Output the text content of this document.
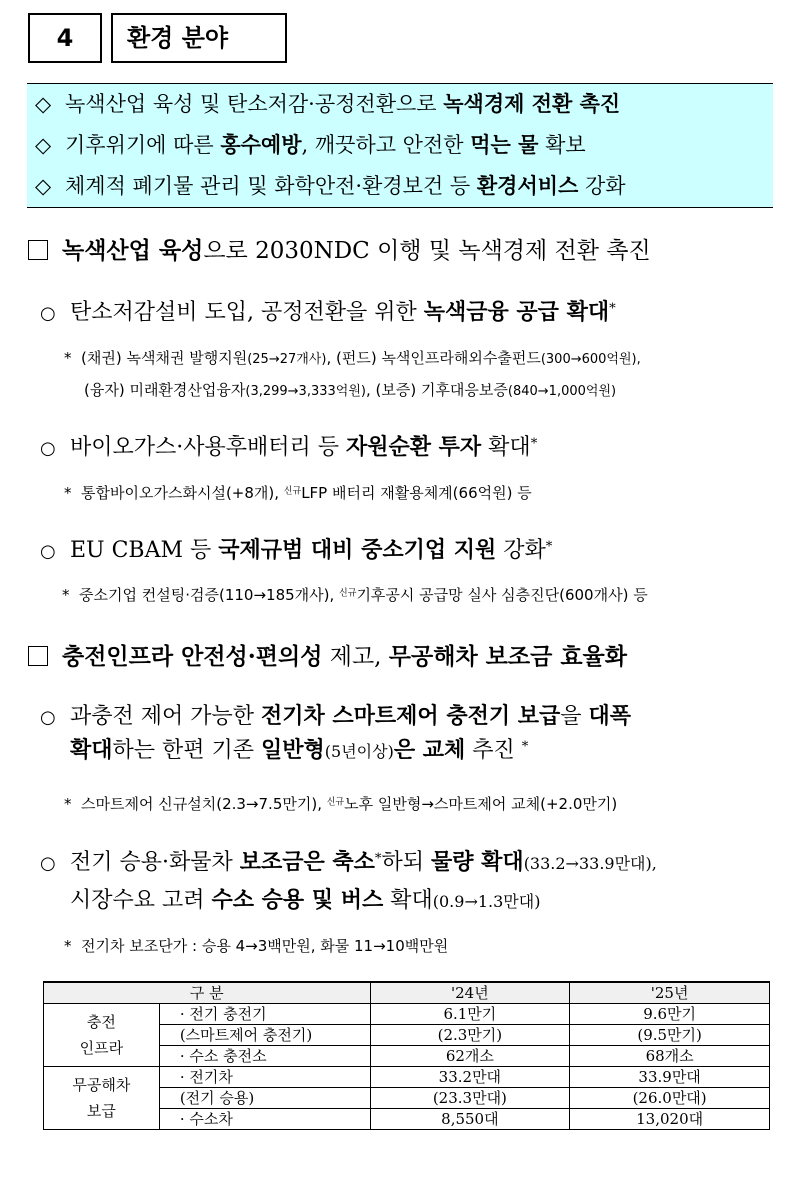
4	환경 분야
◇ 녹색산업 육성 및 탄소저감·공정전환으로 녹색경제 전환 촉진
◇ 기후위기에 따른 홍수예방, 깨끗하고 안전한 먹는 물 확보
◇ 체계적 폐기물 관리 및 화학안전·환경보건 등 환경서비스 강화
녹색산업 육성으로 2030NDC 이행 및 녹색경제 전환 촉진
○ 탄소저감설비 도입, 공정전환을 위한 녹색금융 공급 확대*
* (채권) 녹색채권 발행지원(25→27개사), (펀드) 녹색인프라해외수출펀드(300→600억원),
(융자) 미래환경산업융자(3,299→3,333억원), (보증) 기후대응보증(840→1,000억원)
○ 바이오가스·사용후배터리 등 자원순환 투자 확대*
* 통합바이오가스화시설(+8개), $^{신규}$LFP 배터리 재활용체계(66억원) 등
○ EU CBAM 등 국제규범 대비 중소기업 지원 강화*
* 중소기업 컨설팅·검증(110→185개사), $^{신규}$기후공시 공급망 실사 심층진단(600개사) 등
충전인프라 안전성·편의성 제고, 무공해차 보조금 효율화
○ 과충전 제어 가능한 전기차 스마트제어 충전기 보급을 대폭
확대하는 한편 기존 일반형(5년이상)은 교체 추진 *
* 스마트제어 신규설치(2.3→7.5만기), $^{신규}$노후 일반형→스마트제어 교체(+2.0만기)
○ 전기 승용·화물차 보조금은 축소*하되 물량 확대(33.2→33.9만대),
시장수요 고려 수소 승용 및 버스 확대(0.9→1.3만대)
* 전기차 보조단가 : 승용 4→3백만원, 화물 11→10백만원
구 분		'24년	'25년
충전
인프라	· 전기 충전기	6.1만기	9.6만기
	(스마트제어 충전기)	(2.3만기)	(9.5만기)
	· 수소 충전소	62개소	68개소
무공해차
보급	· 전기차	33.2만대	33.9만대
	(전기 승용)	(23.3만대)	(26.0만대)
	· 수소차	8,550대	13,020대
